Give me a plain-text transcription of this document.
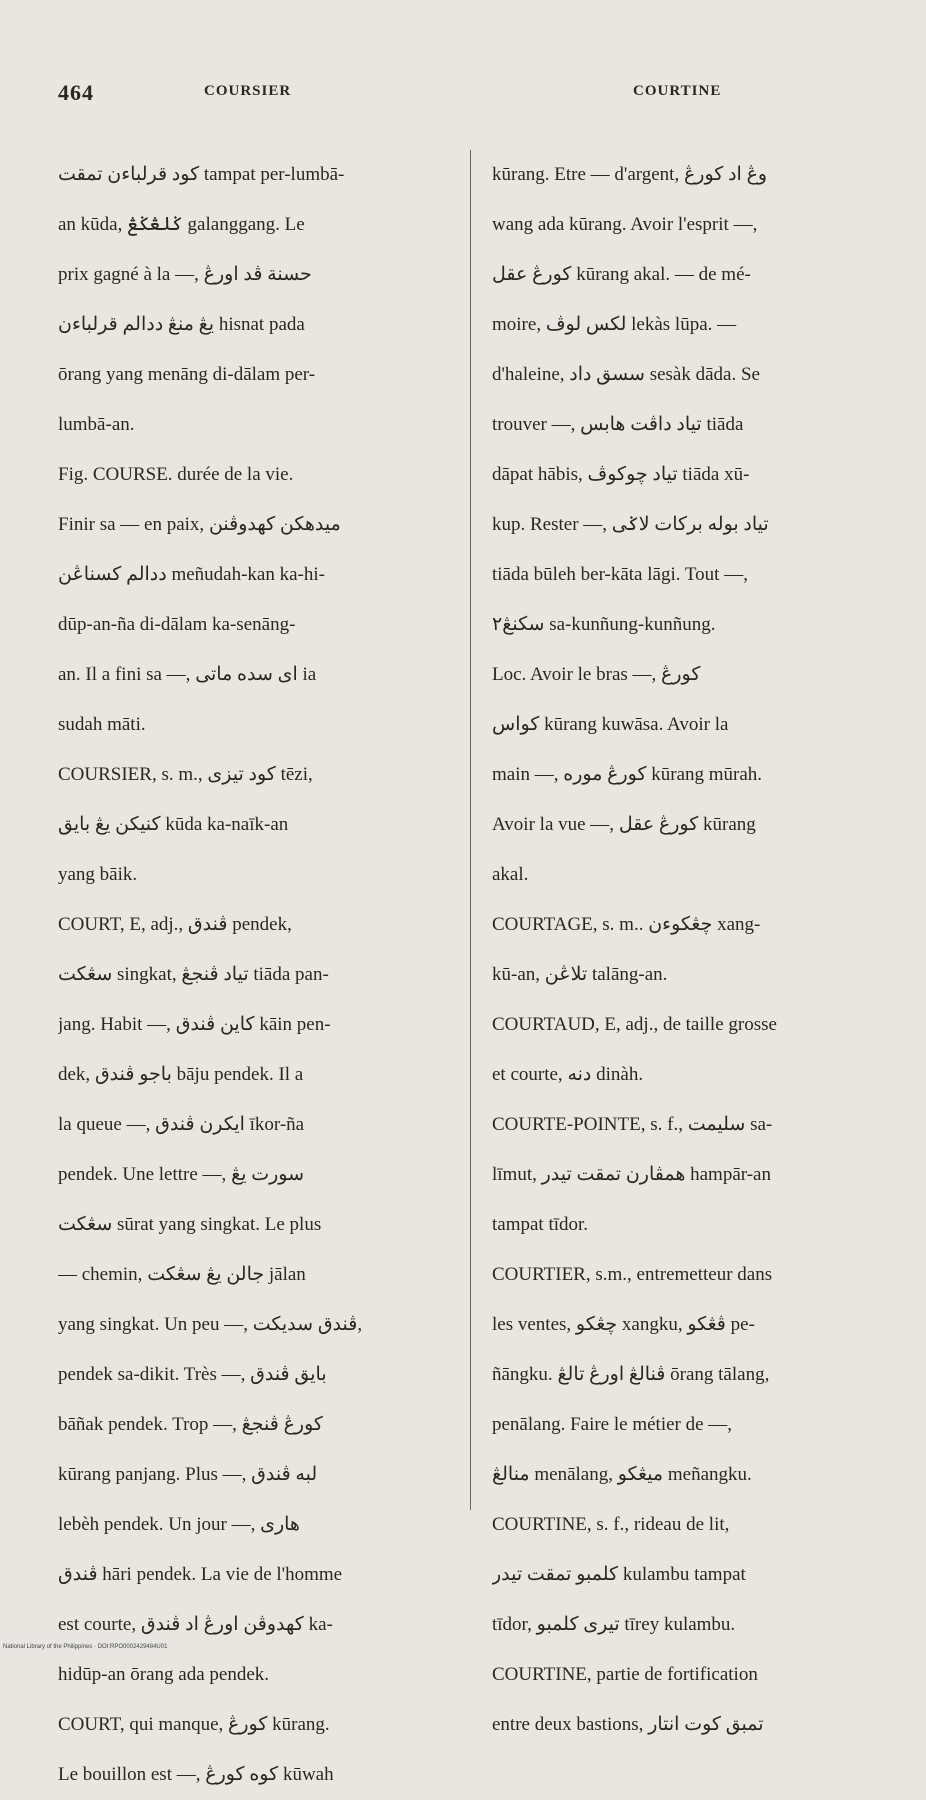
464	COURSIER	COURTINE
كود قرلباءن تمقت tampat per-lumbā-
an kūda, ݢلڠݢڠ galanggang. Le
prix gagné à la —, حسنة ڤد اورڠ
يڠ منڠ ددالم قرلباءن hisnat pada
ōrang yang menāng di-dālam per-
lumbā-an.
Fig. COURSE. durée de la vie.
Finir sa — en paix, ميدهكن كهدوڤنن
ددالم كسناڠن meñudah-kan ka-hi-
dūp-an-ña di-dālam ka-senāng-
an. Il a fini sa —, اى سده ماتى ia
sudah māti.
COURSIER, s. m., كود تيزى tēzi,
كنيكن يڠ بايق kūda ka-naīk-an
yang bāik.
COURT, E, adj., ڤندق pendek,
سڠكت singkat, تياد ڤنجڠ tiāda pan-
jang. Habit —, كاين ڤندق kāin pen-
dek, باجو ڤندق bāju pendek. Il a
la queue —, ايكرن ڤندق īkor-ña
pendek. Une lettre —, سورت يڠ
سڠكت sūrat yang singkat. Le plus
— chemin, جالن يڠ سڠكت jālan
yang singkat. Un peu —, ڤندق سديكت,
pendek sa-dikit. Très —, بايق ڤندق
bāñak pendek. Trop —, كورڠ ڤنجڠ
kūrang panjang. Plus —, لبه ڤندق
lebèh pendek. Un jour —, هارى
ڤندق hāri pendek. La vie de l'homme
est courte, كهدوڤن اورڠ اد ڤندق ka-
hidūp-an ōrang ada pendek.
COURT, qui manque, كورڠ kūrang.
Le bouillon est —, كوه كورڠ kūwah
kūrang. Etre — d'argent, وڠ اد كورڠ
wang ada kūrang. Avoir l'esprit —,
كورڠ عقل kūrang akal. — de mé-
moire, لكس لوڤ lekàs lūpa. —
d'haleine, سسق داد sesàk dāda. Se
trouver —, تياد داڤت هابس tiāda
dāpat hābis, تياد چوكوڤ tiāda xū-
kup. Rester —, تياد بوله بركات لاݢى
tiāda būleh ber-kāta lāgi. Tout —,
سكنڠ٢ sa-kunñung-kunñung.
Loc. Avoir le bras —, كورڠ
كواس kūrang kuwāsa. Avoir la
main —, كورڠ موره kūrang mūrah.
Avoir la vue —, كورڠ عقل kūrang
akal.
COURTAGE, s. m.. چڠكوءن xang-
kū-an, تلاڠن talāng-an.
COURTAUD, E, adj., de taille grosse
et courte, دنه dinàh.
COURTE-POINTE, s. f., سليمت sa-
līmut, همڤارن تمقت تيدر hampār-an
tampat tīdor.
COURTIER, s.m., entremetteur dans
les ventes, چڠكو xangku, ڤڠكو pe-
ñāngku. ڤنالڠ اورڠ تالڠ ōrang tālang,
penālang. Faire le métier de —,
منالڠ menālang, ميڠكو meñangku.
COURTINE, s. f., rideau de lit,
كلمبو تمقت تيدر kulambu tampat
tīdor, تيرى كلمبو tīrey kulambu.
COURTINE, partie de fortification
entre deux bastions, تمبق كوت انتار
National Library of the Philippines · DOI:RPO0002429484U01
